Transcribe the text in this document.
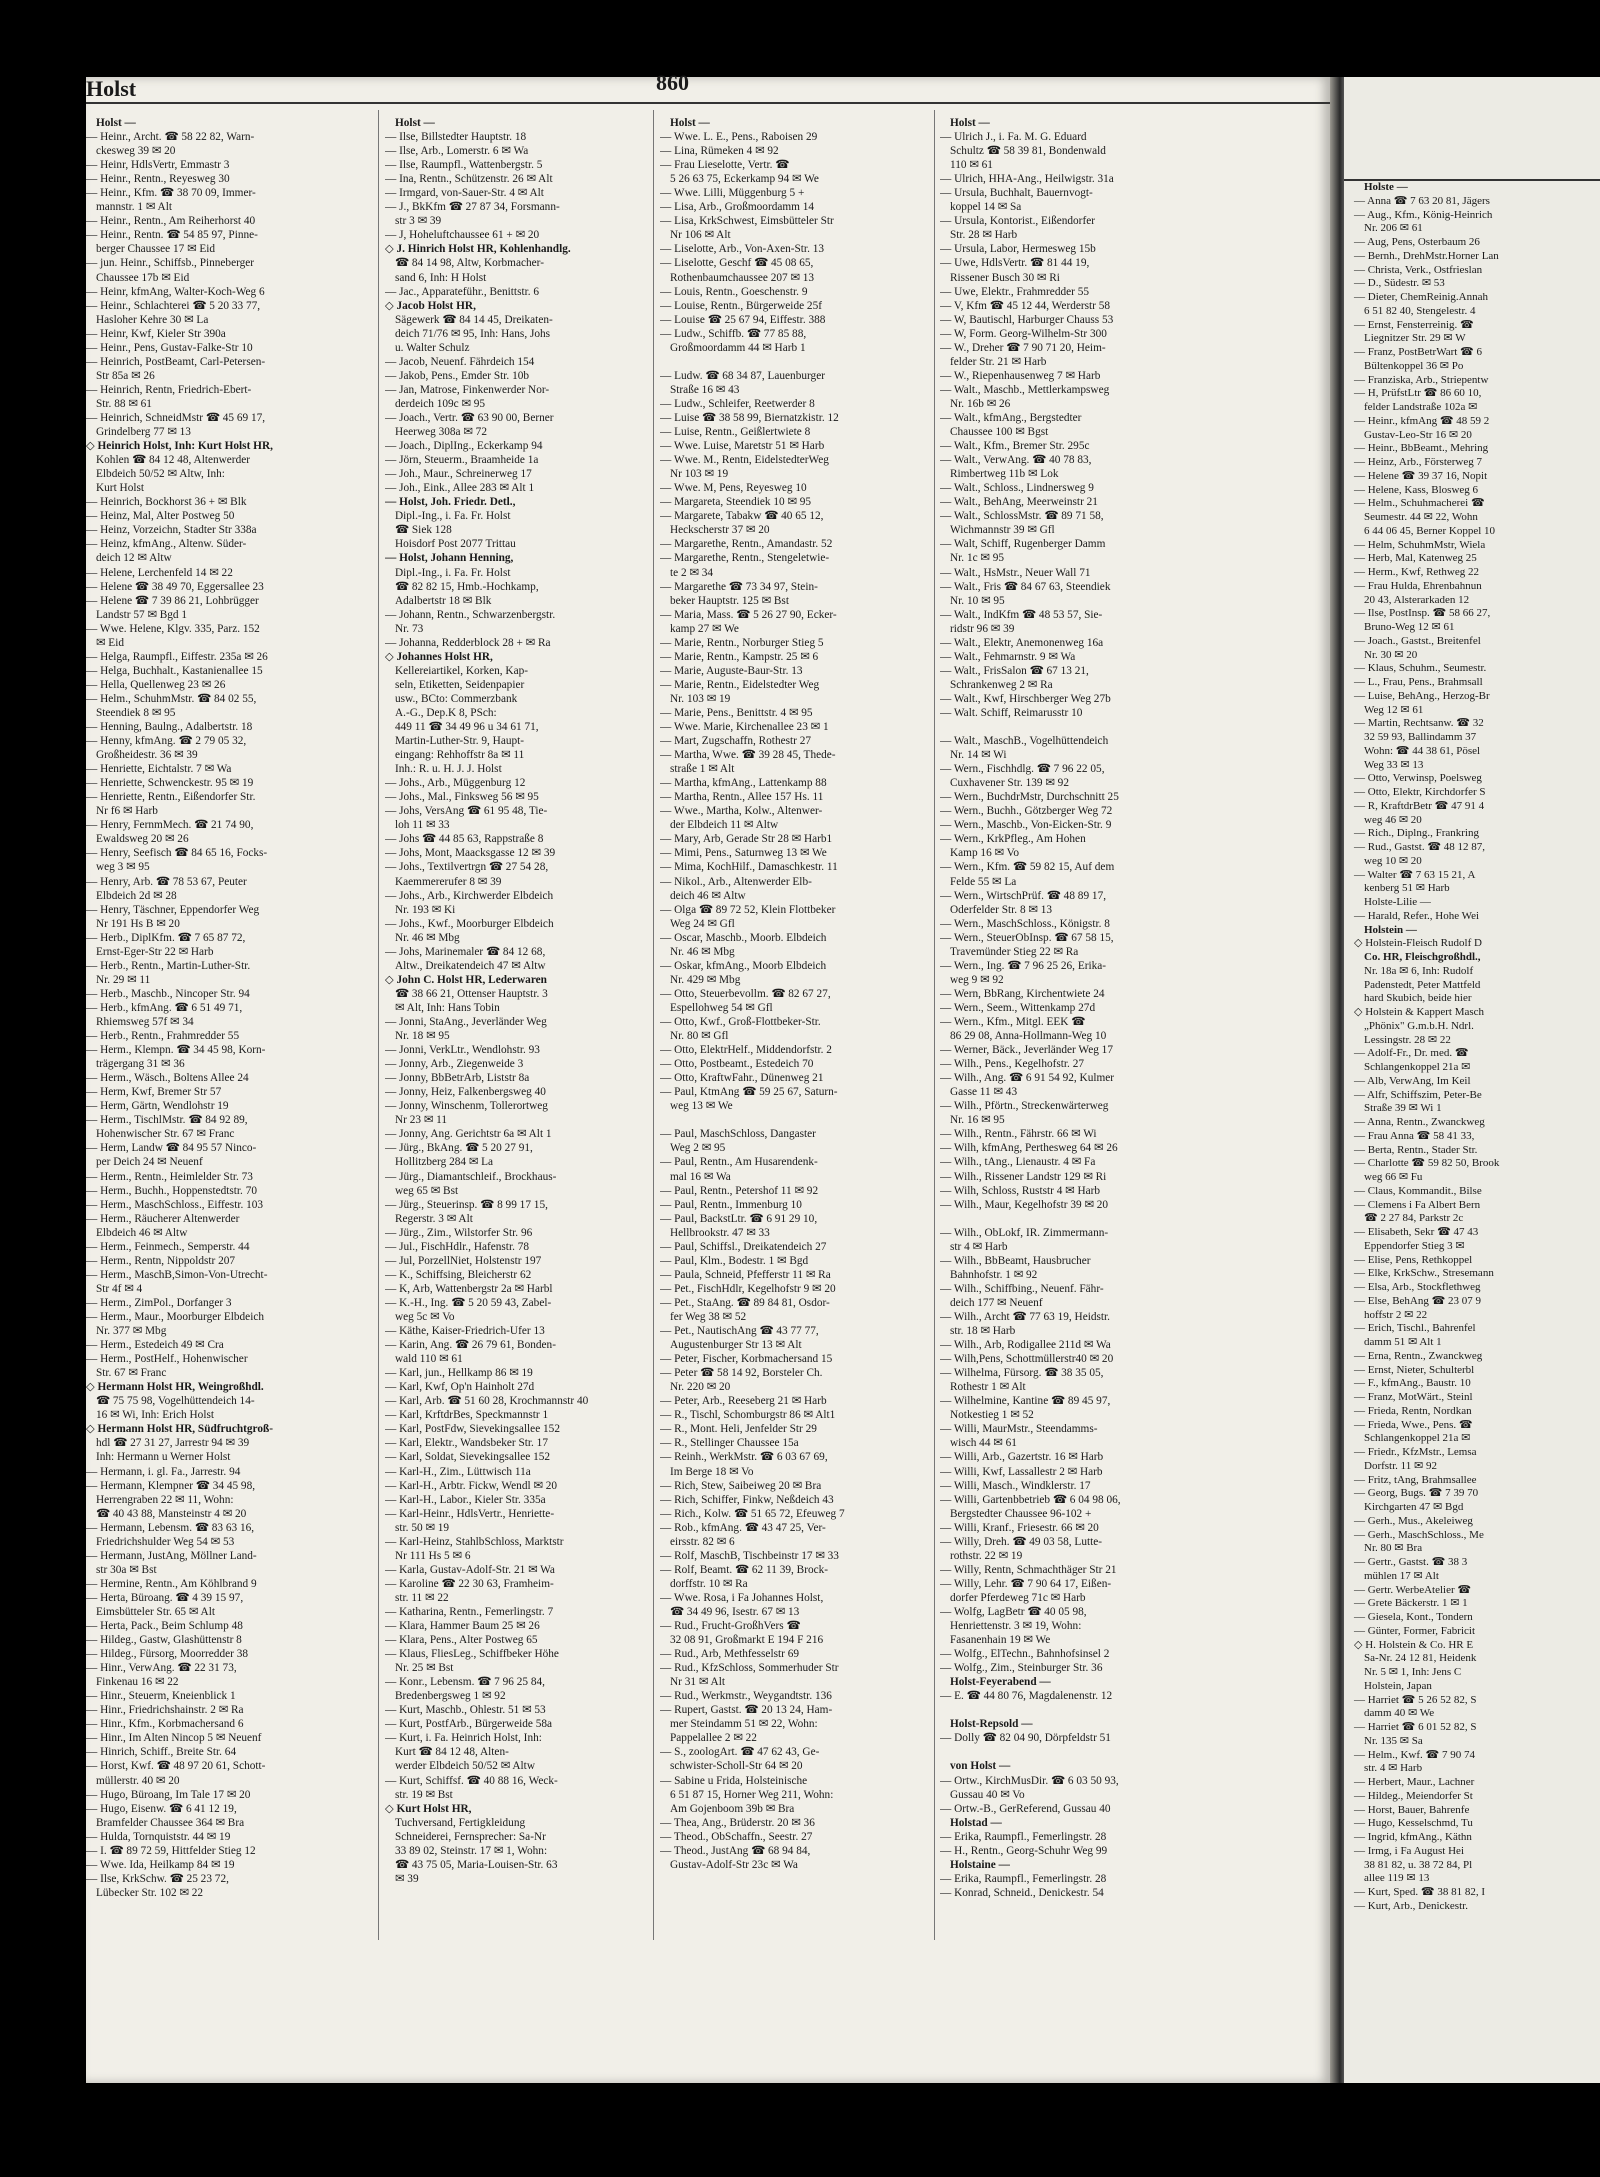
Holst	860
Holst —
— Heinr., Archt. ☎ 58 22 82, Warn-
ckesweg 39 ✉ 20
— Heinr, HdlsVertr, Emmastr 3
— Heinr., Rentn., Reyesweg 30
— Heinr., Kfm. ☎ 38 70 09, Immer-
mannstr. 1 ✉ Alt
— Heinr., Rentn., Am Reiherhorst 40
— Heinr., Rentn. ☎ 54 85 97, Pinne-
berger Chaussee 17 ✉ Eid
— jun. Heinr., Schiffsb., Pinneberger
Chaussee 17b ✉ Eid
— Heinr, kfmAng, Walter-Koch-Weg 6
— Heinr., Schlachterei ☎ 5 20 33 77,
Hasloher Kehre 30 ✉ La
— Heinr, Kwf, Kieler Str 390a
— Heinr., Pens, Gustav-Falke-Str 10
— Heinrich, PostBeamt, Carl-Petersen-
Str 85a ✉ 26
— Heinrich, Rentn, Friedrich-Ebert-
Str. 88 ✉ 61
— Heinrich, SchneidMstr ☎ 45 69 17,
Grindelberg 77 ✉ 13
◇ Heinrich Holst, Inh: Kurt Holst HR,
Kohlen ☎ 84 12 48, Altenwerder
Elbdeich 50/52 ✉ Altw, Inh:
Kurt Holst
— Heinrich, Bockhorst 36 + ✉ Blk
— Heinz, Mal, Alter Postweg 50
— Heinz, Vorzeichn, Stadter Str 338a
— Heinz, kfmAng., Altenw. Süder-
deich 12 ✉ Altw
— Helene, Lerchenfeld 14 ✉ 22
— Helene ☎ 38 49 70, Eggersallee 23
— Helene ☎ 7 39 86 21, Lohbrügger
Landstr 57 ✉ Bgd 1
— Wwe. Helene, Klgv. 335, Parz. 152
✉ Eid
— Helga, Raumpfl., Eiffestr. 235a ✉ 26
— Helga, Buchhalt., Kastanienallee 15
— Hella, Quellenweg 23 ✉ 26
— Helm., SchuhmMstr. ☎ 84 02 55,
Steendiek 8 ✉ 95
— Henning, Baulng., Adalbertstr. 18
— Henny, kfmAng. ☎ 2 79 05 32,
Großheidestr. 36 ✉ 39
— Henriette, Eichtalstr. 7 ✉ Wa
— Henriette, Schwenckestr. 95 ✉ 19
— Henriette, Rentn., Eißendorfer Str.
Nr f6 ✉ Harb
— Henry, FernmMech. ☎ 21 74 90,
Ewaldsweg 20 ✉ 26
— Henry, Seefisch ☎ 84 65 16, Focks-
weg 3 ✉ 95
— Henry, Arb. ☎ 78 53 67, Peuter
Elbdeich 2d ✉ 28
— Henry, Täschner, Eppendorfer Weg
Nr 191 Hs B ✉ 20
— Herb., DiplKfm. ☎ 7 65 87 72,
Ernst-Eger-Str 22 ✉ Harb
— Herb., Rentn., Martin-Luther-Str.
Nr. 29 ✉ 11
— Herb., Maschb., Nincoper Str. 94
— Herb., kfmAng. ☎ 6 51 49 71,
Rhiemsweg 57f ✉ 34
— Herb., Rentn., Frahmredder 55
— Herm., Klempn. ☎ 34 45 98, Korn-
trägergang 31 ✉ 36
— Herm., Wäsch., Boltens Allee 24
— Herm, Kwf, Bremer Str 57
— Herm, Gärtn, Wendlohstr 19
— Herm., TischlMstr. ☎ 84 92 89,
Hohenwischer Str. 67 ✉ Franc
— Herm, Landw ☎ 84 95 57 Ninco-
per Deich 24 ✉ Neuenf
— Herm., Rentn., Heimlelder Str. 73
— Herm., Buchh., Hoppenstedtstr. 70
— Herm., MaschSchloss., Eiffestr. 103
— Herm., Räucherer Altenwerder
Elbdeich 46 ✉ Altw
— Herm., Feinmech., Semperstr. 44
— Herm., Rentn, Nippoldstr 207
— Herm., MaschB,Simon-Von-Utrecht-
Str 4f ✉ 4
— Herm., ZimPol., Dorfanger 3
— Herm., Maur., Moorburger Elbdeich
Nr. 377 ✉ Mbg
— Herm., Estedeich 49 ✉ Cra
— Herm., PostHelf., Hohenwischer
Str. 67 ✉ Franc
◇ Hermann Holst HR, Weingroßhdl.
☎ 75 75 98, Vogelhüttendeich 14-
16 ✉ Wi, Inh: Erich Holst
◇ Hermann Holst HR, Südfruchtgroß-
hdl ☎ 27 31 27, Jarrestr 94 ✉ 39
Inh: Hermann u Werner Holst
— Hermann, i. gl. Fa., Jarrestr. 94
— Hermann, Klempner ☎ 34 45 98,
Herrengraben 22 ✉ 11, Wohn:
☎ 40 43 88, Mansteinstr 4 ✉ 20
— Hermann, Lebensm. ☎ 83 63 16,
Friedrichshulder Weg 54 ✉ 53
— Hermann, JustAng, Möllner Land-
str 30a ✉ Bst
— Hermine, Rentn., Am Köhlbrand 9
— Herta, Büroang. ☎ 4 39 15 97,
Eimsbütteler Str. 65 ✉ Alt
— Herta, Pack., Beim Schlump 48
— Hildeg., Gastw, Glashüttenstr 8
— Hildeg., Fürsorg, Moorredder 38
— Hinr., VerwAng. ☎ 22 31 73,
Finkenau 16 ✉ 22
— Hinr., Steuerm, Kneienblick 1
— Hinr., Friedrichshainstr. 2 ✉ Ra
— Hinr., Kfm., Korbmachersand 6
— Hinr., Im Alten Nincop 5 ✉ Neuenf
— Hinrich, Schiff., Breite Str. 64
— Horst, Kwf. ☎ 48 97 20 61, Schott-
müllerstr. 40 ✉ 20
— Hugo, Büroang, Im Tale 17 ✉ 20
— Hugo, Eisenw. ☎ 6 41 12 19,
Bramfelder Chaussee 364 ✉ Bra
— Hulda, Tornquiststr. 44 ✉ 19
— I. ☎ 89 72 59, Hittfelder Stieg 12
— Wwe. Ida, Heilkamp 84 ✉ 19
— Ilse, KrkSchw. ☎ 25 23 72,
Lübecker Str. 102 ✉ 22
Holst —
— Ilse, Billstedter Hauptstr. 18
— Ilse, Arb., Lomerstr. 6 ✉ Wa
— Ilse, Raumpfl., Wattenbergstr. 5
— Ina, Rentn., Schützenstr. 26 ✉ Alt
— Irmgard, von-Sauer-Str. 4 ✉ Alt
— J., BkKfm ☎ 27 87 34, Forsmann-
str 3 ✉ 39
— J, Hoheluftchaussee 61 + ✉ 20
◇ J. Hinrich Holst HR, Kohlenhandlg.
☎ 84 14 98, Altw, Korbmacher-
sand 6, Inh: H Holst
— Jac., Apparateführ., Benittstr. 6
◇ Jacob Holst HR,
Sägewerk ☎ 84 14 45, Dreikaten-
deich 71/76 ✉ 95, Inh: Hans, Johs
u. Walter Schulz
— Jacob, Neuenf. Fährdeich 154
— Jakob, Pens., Emder Str. 10b
— Jan, Matrose, Finkenwerder Nor-
derdeich 109c ✉ 95
— Joach., Vertr. ☎ 63 90 00, Berner
Heerweg 308a ✉ 72
— Joach., DiplIng., Eckerkamp 94
— Jörn, Steuerm., Braamheide 1a
— Joh., Maur., Schreinerweg 17
— Joh., Eink., Allee 283 ✉ Alt 1
— Holst, Joh. Friedr. Detl.,
Dipl.-Ing., i. Fa. Fr. Holst
☎ Siek 128
Hoisdorf Post 2077 Trittau
— Holst, Johann Henning,
Dipl.-Ing., i. Fa. Fr. Holst
☎ 82 82 15, Hmb.-Hochkamp,
Adalbertstr 18 ✉ Blk
— Johann, Rentn., Schwarzenbergstr.
Nr. 73
— Johanna, Redderblock 28 + ✉ Ra
◇ Johannes Holst HR,
Kellereiartikel, Korken, Kap-
seln, Etiketten, Seidenpapier
usw., BCto: Commerzbank
A.-G., Dep.K 8, PSch:
449 11 ☎ 34 49 96 u 34 61 71,
Martin-Luther-Str. 9, Haupt-
eingang: Rehhoffstr 8a ✉ 11
Inh.: R. u. H. J. J. Holst
— Johs., Arb., Müggenburg 12
— Johs., Mal., Finksweg 56 ✉ 95
— Johs, VersAng ☎ 61 95 48, Tie-
loh 11 ✉ 33
— Johs ☎ 44 85 63, Rappstraße 8
— Johs, Mont, Maacksgasse 12 ✉ 39
— Johs., Textilvertrgn ☎ 27 54 28,
Kaemmererufer 8 ✉ 39
— Johs., Arb., Kirchwerder Elbdeich
Nr. 193 ✉ Ki
— Johs., Kwf., Moorburger Elbdeich
Nr. 46 ✉ Mbg
— Johs, Marinemaler ☎ 84 12 68,
Altw., Dreikatendeich 47 ✉ Altw
◇ John C. Holst HR, Lederwaren
☎ 38 66 21, Ottenser Hauptstr. 3
✉ Alt, Inh: Hans Tobin
— Jonni, StaAng., Jeverländer Weg
Nr. 18 ✉ 95
— Jonni, VerkLtr., Wendlohstr. 93
— Jonny, Arb., Ziegenweide 3
— Jonny, BbBetrArb, Liststr 8a
— Jonny, Heiz, Falkenbergsweg 40
— Jonny, Winschenm, Tollerortweg
Nr 23 ✉ 11
— Jonny, Ang. Gerichtstr 6a ✉ Alt 1
— Jürg., BkAng. ☎ 5 20 27 91,
Hollitzberg 284 ✉ La
— Jürg., Diamantschleif., Brockhaus-
weg 65 ✉ Bst
— Jürg., Steuerinsp. ☎ 8 99 17 15,
Regerstr. 3 ✉ Alt
— Jürg., Zim., Wilstorfer Str. 96
— Jul., FischHdlr., Hafenstr. 78
— Jul, PorzellNiet, Holstenstr 197
— K., Schiffsing, Bleicherstr 62
— K, Arb, Wattenbergstr 2a ✉ Harbl
— K.-H., Ing. ☎ 5 20 59 43, Zabel-
weg 5c ✉ Vo
— Käthe, Kaiser-Friedrich-Ufer 13
— Karin, Ang. ☎ 26 79 61, Bonden-
wald 110 ✉ 61
— Karl, jun., Hellkamp 86 ✉ 19
— Karl, Kwf, Op'n Hainholt 27d
— Karl, Arb. ☎ 51 60 28, Krochmannstr 40
— Karl, KrftdrBes, Speckmannstr 1
— Karl, PostFdw, Sievekingsallee 152
— Karl, Elektr., Wandsbeker Str. 17
— Karl, Soldat, Sievekingsallee 152
— Karl-H., Zim., Lüttwisch 11a
— Karl-H., Arbtr. Fickw, Wendl ✉ 20
— Karl-H., Labor., Kieler Str. 335a
— Karl-Heinr., HdlsVertr., Henriette-
str. 50 ✉ 19
— Karl-Heinz, StahlbSchloss, Marktstr
Nr 111 Hs 5 ✉ 6
— Karla, Gustav-Adolf-Str. 21 ✉ Wa
— Karoline ☎ 22 30 63, Framheim-
str. 11 ✉ 22
— Katharina, Rentn., Femerlingstr. 7
— Klara, Hammer Baum 25 ✉ 26
— Klara, Pens., Alter Postweg 65
— Klaus, FliesLeg., Schiffbeker Höhe
Nr. 25 ✉ Bst
— Konr., Lebensm. ☎ 7 96 25 84,
Bredenbergsweg 1 ✉ 92
— Kurt, Maschb., Ohlestr. 51 ✉ 53
— Kurt, PostfArb., Bürgerweide 58a
— Kurt, i. Fa. Heinrich Holst, Inh:
Kurt ☎ 84 12 48, Alten-
werder Elbdeich 50/52 ✉ Altw
— Kurt, Schiffsf. ☎ 40 88 16, Weck-
str. 19 ✉ Bst
◇ Kurt Holst HR,
Tuchversand, Fertigkleidung
Schneiderei, Fernsprecher: Sa-Nr
33 89 02, Steinstr. 17 ✉ 1, Wohn:
☎ 43 75 05, Maria-Louisen-Str. 63
✉ 39
Holst —
— Wwe. L. E., Pens., Raboisen 29
— Lina, Rümeken 4 ✉ 92
— Frau Lieselotte, Vertr. ☎
5 26 63 75, Eckerkamp 94 ✉ We
— Wwe. Lilli, Müggenburg 5 +
— Lisa, Arb., Großmoordamm 14
— Lisa, KrkSchwest, Eimsbütteler Str
Nr 106 ✉ Alt
— Liselotte, Arb., Von-Axen-Str. 13
— Liselotte, Geschf ☎ 45 08 65,
Rothenbaumchaussee 207 ✉ 13
— Louis, Rentn., Goeschenstr. 9
— Louise, Rentn., Bürgerweide 25f
— Louise ☎ 25 67 94, Eiffestr. 388
— Ludw., Schiffb. ☎ 77 85 88,
Großmoordamm 44 ✉ Harb 1
— Ludw. ☎ 68 34 87, Lauenburger
Straße 16 ✉ 43
— Ludw., Schleifer, Reetwerder 8
— Luise ☎ 38 58 99, Biernatzkistr. 12
— Luise, Rentn., Geißlertwiete 8
— Wwe. Luise, Maretstr 51 ✉ Harb
— Wwe. M., Rentn, EidelstedterWeg
Nr 103 ✉ 19
— Wwe. M, Pens, Reyesweg 10
— Margareta, Steendiek 10 ✉ 95
— Margarete, Tabakw ☎ 40 65 12,
Heckscherstr 37 ✉ 20
— Margarethe, Rentn., Amandastr. 52
— Margarethe, Rentn., Stengeletwie-
te 2 ✉ 34
— Margarethe ☎ 73 34 97, Stein-
beker Hauptstr. 125 ✉ Bst
— Maria, Mass. ☎ 5 26 27 90, Ecker-
kamp 27 ✉ We
— Marie, Rentn., Norburger Stieg 5
— Marie, Rentn., Kampstr. 25 ✉ 6
— Marie, Auguste-Baur-Str. 13
— Marie, Rentn., Eidelstedter Weg
Nr. 103 ✉ 19
— Marie, Pens., Benittstr. 4 ✉ 95
— Wwe. Marie, Kirchenallee 23 ✉ 1
— Mart, Zugschaffn, Rothestr 27
— Martha, Wwe. ☎ 39 28 45, Thede-
straße 1 ✉ Alt
— Martha, kfmAng., Lattenkamp 88
— Martha, Rentn., Allee 157 Hs. 11
— Wwe., Martha, Kolw., Altenwer-
der Elbdeich 11 ✉ Altw
— Mary, Arb, Gerade Str 28 ✉ Harb1
— Mimi, Pens., Saturnweg 13 ✉ We
— Mima, KochHilf., Damaschkestr. 11
— Nikol., Arb., Altenwerder Elb-
deich 46 ✉ Altw
— Olga ☎ 89 72 52, Klein Flottbeker
Weg 24 ✉ Gfl
— Oscar, Maschb., Moorb. Elbdeich
Nr. 46 ✉ Mbg
— Oskar, kfmAng., Moorb Elbdeich
Nr. 429 ✉ Mbg
— Otto, Steuerbevollm. ☎ 82 67 27,
Espellohweg 54 ✉ Gfl
— Otto, Kwf., Groß-Flottbeker-Str.
Nr. 80 ✉ Gfl
— Otto, ElektrHelf., Middendorfstr. 2
— Otto, Postbeamt., Estedeich 70
— Otto, KraftwFahr., Dünenweg 21
— Paul, KtmAng ☎ 59 25 67, Saturn-
weg 13 ✉ We
— Paul, MaschSchloss, Dangaster
Weg 2 ✉ 95
— Paul, Rentn., Am Husarendenk-
mal 16 ✉ Wa
— Paul, Rentn., Petershof 11 ✉ 92
— Paul, Rentn., Immenburg 10
— Paul, BackstLtr. ☎ 6 91 29 10,
Hellbrookstr. 47 ✉ 33
— Paul, Schiffsl., Dreikatendeich 27
— Paul, Klm., Bodestr. 1 ✉ Bgd
— Paula, Schneid, Pfefferstr 11 ✉ Ra
— Pet., FischHdlr, Kegelhofstr 9 ✉ 20
— Pet., StaAng. ☎ 89 84 81, Osdor-
fer Weg 38 ✉ 52
— Pet., NautischAng ☎ 43 77 77,
Augustenburger Str 13 ✉ Alt
— Peter, Fischer, Korbmachersand 15
— Peter ☎ 58 14 92, Borsteler Ch.
Nr. 220 ✉ 20
— Peter, Arb., Reeseberg 21 ✉ Harb
— R., Tischl, Schomburgstr 86 ✉ Alt1
— R., Mont. Heli, Jenfelder Str 29
— R., Stellinger Chaussee 15a
— Reinh., WerkMstr. ☎ 6 03 67 69,
Im Berge 18 ✉ Vo
— Rich, Stew, Saibeiweg 20 ✉ Bra
— Rich, Schiffer, Finkw, Neßdeich 43
— Rich., Kolw. ☎ 51 65 72, Efeuweg 7
— Rob., kfmAng. ☎ 43 47 25, Ver-
eirsstr. 82 ✉ 6
— Rolf, MaschB, Tischbeinstr 17 ✉ 33
— Rolf, Beamt. ☎ 62 11 39, Brock-
dorffstr. 10 ✉ Ra
— Wwe. Rosa, i Fa Johannes Holst,
☎ 34 49 96, Isestr. 67 ✉ 13
— Rud., Frucht-GroßhVers ☎
32 08 91, Großmarkt E 194 F 216
— Rud., Arb, Methfesselstr 69
— Rud., KfzSchloss, Sommerhuder Str
Nr 31 ✉ Alt
— Rud., Werkmstr., Weygandtstr. 136
— Rupert, Gastst. ☎ 20 13 24, Ham-
mer Steindamm 51 ✉ 22, Wohn:
Pappelallee 2 ✉ 22
— S., zoologArt. ☎ 47 62 43, Ge-
schwister-Scholl-Str 64 ✉ 20
— Sabine u Frida, Holsteinische
6 51 87 15, Horner Weg 211, Wohn:
Am Gojenboom 39b ✉ Bra
— Thea, Ang., Brüderstr. 20 ✉ 36
— Theod., ObSchaffn., Seestr. 27
— Theod., JustAng ☎ 68 94 84,
Gustav-Adolf-Str 23c ✉ Wa
Holst —
— Ulrich J., i. Fa. M. G. Eduard
Schultz ☎ 58 39 81, Bondenwald
110 ✉ 61
— Ulrich, HHA-Ang., Heilwigstr. 31a
— Ursula, Buchhalt, Bauernvogt-
koppel 14 ✉ Sa
— Ursula, Kontorist., Eißendorfer
Str. 28 ✉ Harb
— Ursula, Labor, Hermesweg 15b
— Uwe, HdlsVertr. ☎ 81 44 19,
Rissener Busch 30 ✉ Ri
— Uwe, Elektr., Frahmredder 55
— V, Kfm ☎ 45 12 44, Werderstr 58
— W, Bautischl, Harburger Chauss 53
— W, Form. Georg-Wilhelm-Str 300
— W., Dreher ☎ 7 90 71 20, Heim-
felder Str. 21 ✉ Harb
— W., Riepenhausenweg 7 ✉ Harb
— Walt., Maschb., Mettlerkampsweg
Nr. 16b ✉ 26
— Walt., kfmAng., Bergstedter
Chaussee 100 ✉ Bgst
— Walt., Kfm., Bremer Str. 295c
— Walt., VerwAng. ☎ 40 78 83,
Rimbertweg 11b ✉ Lok
— Walt., Schloss., Lindnersweg 9
— Walt., BehAng, Meerweinstr 21
— Walt., SchlossMstr. ☎ 89 71 58,
Wichmannstr 39 ✉ Gfl
— Walt, Schiff, Rugenberger Damm
Nr. 1c ✉ 95
— Walt., HsMstr., Neuer Wall 71
— Walt., Fris ☎ 84 67 63, Steendiek
Nr. 10 ✉ 95
— Walt., IndKfm ☎ 48 53 57, Sie-
ridstr 96 ✉ 39
— Walt., Elektr, Anemonenweg 16a
— Walt., Fehmarnstr. 9 ✉ Wa
— Walt., FrisSalon ☎ 67 13 21,
Schrankenweg 2 ✉ Ra
— Walt., Kwf, Hirschberger Weg 27b
— Walt. Schiff, Reimarusstr 10
— Walt., MaschB., Vogelhüttendeich
Nr. 14 ✉ Wi
— Wern., Fischhdlg. ☎ 7 96 22 05,
Cuxhavener Str. 139 ✉ 92
— Wern., BuchdrMstr, Durchschnitt 25
— Wern., Buchh., Götzberger Weg 72
— Wern., Maschb., Von-Eicken-Str. 9
— Wern., KrkPfleg., Am Hohen
Kamp 16 ✉ Vo
— Wern., Kfm. ☎ 59 82 15, Auf dem
Felde 55 ✉ La
— Wern., WirtschPrüf. ☎ 48 89 17,
Oderfelder Str. 8 ✉ 13
— Wern., MaschSchloss., Königstr. 8
— Wern., SteuerObInsp. ☎ 67 58 15,
Travemünder Stieg 22 ✉ Ra
— Wern., Ing. ☎ 7 96 25 26, Erika-
weg 9 ✉ 92
— Wern, BbRang, Kirchentwiete 24
— Wern., Seem., Wittenkamp 27d
— Wern., Kfm., Mitgl. EEK ☎
86 29 08, Anna-Hollmann-Weg 10
— Werner, Bäck., Jeverländer Weg 17
— Wilh., Pens., Kegelhofstr. 27
— Wilh., Ang. ☎ 6 91 54 92, Kulmer
Gasse 11 ✉ 43
— Wilh., Pförtn., Streckenwärterweg
Nr. 16 ✉ 95
— Wilh., Rentn., Fährstr. 66 ✉ Wi
— Wilh, kfmAng, Perthesweg 64 ✉ 26
— Wilh., tAng., Lienaustr. 4 ✉ Fa
— Wilh., Rissener Landstr 129 ✉ Ri
— Wilh, Schloss, Ruststr 4 ✉ Harb
— Wilh., Maur, Kegelhofstr 39 ✉ 20
— Wilh., ObLokf, IR. Zimmermann-
str 4 ✉ Harb
— Wilh., BbBeamt, Hausbrucher
Bahnhofstr. 1 ✉ 92
— Wilh., Schiffbing., Neuenf. Fähr-
deich 177 ✉ Neuenf
— Wilh., Archt ☎ 77 63 19, Heidstr.
str. 18 ✉ Harb
— Wilh., Arb, Rodigallee 211d ✉ Wa
— Wilh,Pens, Schottmüllerstr40 ✉ 20
— Wilhelma, Fürsorg. ☎ 38 35 05,
Rothestr 1 ✉ Alt
— Wilhelmine, Kantine ☎ 89 45 97,
Notkestieg 1 ✉ 52
— Willi, MaurMstr., Steendamms-
wisch 44 ✉ 61
— Willi, Arb., Gazertstr. 16 ✉ Harb
— Willi, Kwf, Lassallestr 2 ✉ Harb
— Willi, Masch., Windklerstr. 17
— Willi, Gartenbbetrieb ☎ 6 04 98 06,
Bergstedter Chaussee 96-102 +
— Willi, Kranf., Friesestr. 66 ✉ 20
— Willy, Dreh. ☎ 49 03 58, Lutte-
rothstr. 22 ✉ 19
— Willy, Rentn, Schmachthäger Str 21
— Willy, Lehr. ☎ 7 90 64 17, Eißen-
dorfer Pferdeweg 71c ✉ Harb
— Wolfg, LagBetr ☎ 40 05 98,
Henriettenstr. 3 ✉ 19, Wohn:
Fasanenhain 19 ✉ We
— Wolfg., ElTechn., Bahnhofsinsel 2
— Wolfg., Zim., Steinburger Str. 36
Holst-Feyerabend —
— E. ☎ 44 80 76, Magdalenenstr. 12
Holst-Repsold —
— Dolly ☎ 82 04 90, Dörpfeldstr 51
von Holst —
— Ortw., KirchMusDir. ☎ 6 03 50 93,
Gussau 40 ✉ Vo
— Ortw.-B., GerReferend, Gussau 40
Holstad —
— Erika, Raumpfl., Femerlingstr. 28
— H., Rentn., Georg-Schuhr Weg 99
Holstaine —
— Erika, Raumpfl., Femerlingstr. 28
— Konrad, Schneid., Denickestr. 54
Holste —
— Anna ☎ 7 63 20 81, Jägers
— Aug., Kfm., König-Heinrich
Nr. 206 ✉ 61
— Aug, Pens, Osterbaum 26
— Bernh., DrehMstr.Horner Lan
— Christa, Verk., Ostfrieslan
— D., Südestr. ✉ 53
— Dieter, ChemReinig.Annah
6 51 82 40, Stengelestr. 4
— Ernst, Fensterreinig. ☎
Liegnitzer Str. 29 ✉ W
— Franz, PostBetrWart ☎ 6
Bültenkoppel 36 ✉ Po
— Franziska, Arb., Striepentw
— H, PrüfstLtr ☎ 86 60 10,
felder Landstraße 102a ✉
— Heinr., kfmAng ☎ 48 59 2
Gustav-Leo-Str 16 ✉ 20
— Heinr., BbBeamt., Mehring
— Heinz, Arb., Försterweg 7
— Helene ☎ 39 37 16, Nopit
— Helene, Kass, Blosweg 6
— Helm., Schuhmacherei ☎
Seumestr. 44 ✉ 22, Wohn
6 44 06 45, Berner Koppel 10
— Helm, SchuhmMstr, Wiela
— Herb, Mal, Katenweg 25
— Herm., Kwf, Rethweg 22
— Frau Hulda, Ehrenbahnun
20 43, Alsterarkaden 12
— Ilse, PostInsp. ☎ 58 66 27,
Bruno-Weg 12 ✉ 61
— Joach., Gastst., Breitenfel
Nr. 30 ✉ 20
— Klaus, Schuhm., Seumestr.
— L., Frau, Pens., Brahmsall
— Luise, BehAng., Herzog-Br
Weg 12 ✉ 61
— Martin, Rechtsanw. ☎ 32
32 59 93, Ballindamm 37
Wohn: ☎ 44 38 61, Pösel
Weg 33 ✉ 13
— Otto, Verwinsp, Poelsweg
— Otto, Elektr, Kirchdorfer S
— R, KraftdrBetr ☎ 47 91 4
weg 46 ✉ 20
— Rich., Diplng., Frankring
— Rud., Gastst. ☎ 48 12 87,
weg 10 ✉ 20
— Walter ☎ 7 63 15 21, A
kenberg 51 ✉ Harb
Holste-Lilie —
— Harald, Refer., Hohe Wei
Holstein —
◇ Holstein-Fleisch Rudolf D
Co. HR, Fleischgroßhdl.,
Nr. 18a ✉ 6, Inh: Rudolf
Padenstedt, Peter Mattfeld
hard Skubich, beide hier
◇ Holstein & Kappert Masch
„Phönix" G.m.b.H. Ndrl.
Lessingstr. 28 ✉ 22
— Adolf-Fr., Dr. med. ☎
Schlangenkoppel 21a ✉
— Alb, VerwAng, Im Keil
— Alfr, Schiffszim, Peter-Be
Straße 39 ✉ Wi 1
— Anna, Rentn., Zwanckweg
— Frau Anna ☎ 58 41 33,
— Berta, Rentn., Stader Str.
— Charlotte ☎ 59 82 50, Brook
weg 66 ✉ Fu
— Claus, Kommandit., Bilse
— Clemens i Fa Albert Bern
☎ 2 27 84, Parkstr 2c
— Elisabeth, Sekr ☎ 47 43
Eppendorfer Stieg 3 ✉
— Elise, Pens, Rethkoppel
— Elke, KrkSchw., Stresemann
— Elsa, Arb., Stockflethweg
— Else, BehAng ☎ 23 07 9
hoffstr 2 ✉ 22
— Erich, Tischl., Bahrenfel
damm 51 ✉ Alt 1
— Erna, Rentn., Zwanckweg
— Ernst, Nieter, Schulterbl
— F., kfmAng., Baustr. 10
— Franz, MotWärt., Steinl
— Frieda, Rentn, Nordkan
— Frieda, Wwe., Pens. ☎
Schlangenkoppel 21a ✉
— Friedr., KfzMstr., Lemsa
Dorfstr. 11 ✉ 92
— Fritz, tAng, Brahmsallee
— Georg, Bugs. ☎ 7 39 70
Kirchgarten 47 ✉ Bgd
— Gerh., Mus., Akeleiweg
— Gerh., MaschSchloss., Me
Nr. 80 ✉ Bra
— Gertr., Gastst. ☎ 38 3
mühlen 17 ✉ Alt
— Gertr. WerbeAtelier ☎
— Grete Bäckerstr. 1 ✉ 1
— Giesela, Kont., Tondern
— Günter, Former, Fabricit
◇ H. Holstein & Co. HR E
Sa-Nr. 24 12 81, Heidenk
Nr. 5 ✉ 1, Inh: Jens C
Holstein, Japan
— Harriet ☎ 5 26 52 82, S
damm 40 ✉ We
— Harriet ☎ 6 01 52 82, S
Nr. 135 ✉ Sa
— Helm., Kwf. ☎ 7 90 74
str. 4 ✉ Harb
— Herbert, Maur., Lachner
— Hildeg., Meiendorfer St
— Horst, Bauer, Bahrenfe
— Hugo, Kesselschmd, Tu
— Ingrid, kfmAng., Käthn
— Irmg, i Fa August Hei
38 81 82, u. 38 72 84, Pl
allee 119 ✉ 13
— Kurt, Sped. ☎ 38 81 82, I
— Kurt, Arb., Denickestr.
